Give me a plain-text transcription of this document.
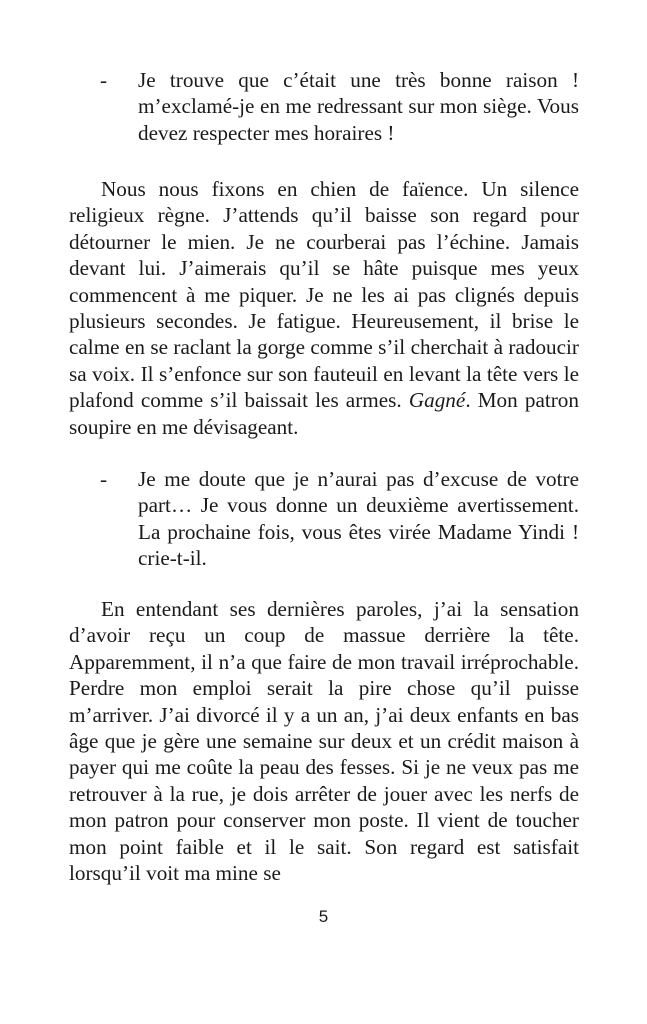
- Je trouve que c’était une très bonne raison ! m’exclamé-je en me redressant sur mon siège. Vous devez respecter mes horaires !
Nous nous fixons en chien de faïence. Un silence religieux règne. J’attends qu’il baisse son regard pour détourner le mien. Je ne courberai pas l’échine. Jamais devant lui. J’aimerais qu’il se hâte puisque mes yeux commencent à me piquer. Je ne les ai pas clignés depuis plusieurs secondes. Je fatigue. Heureusement, il brise le calme en se raclant la gorge comme s’il cherchait à radoucir sa voix. Il s’enfonce sur son fauteuil en levant la tête vers le plafond comme s’il baissait les armes. Gagné. Mon patron soupire en me dévisageant.
- Je me doute que je n’aurai pas d’excuse de votre part… Je vous donne un deuxième avertissement. La prochaine fois, vous êtes virée Madame Yindi ! crie-t-il.
En entendant ses dernières paroles, j’ai la sensation d’avoir reçu un coup de massue derrière la tête. Apparemment, il n’a que faire de mon travail irréprochable. Perdre mon emploi serait la pire chose qu’il puisse m’arriver. J’ai divorcé il y a un an, j’ai deux enfants en bas âge que je gère une semaine sur deux et un crédit maison à payer qui me coûte la peau des fesses. Si je ne veux pas me retrouver à la rue, je dois arrêter de jouer avec les nerfs de mon patron pour conserver mon poste. Il vient de toucher mon point faible et il le sait. Son regard est satisfait lorsqu’il voit ma mine se
5
